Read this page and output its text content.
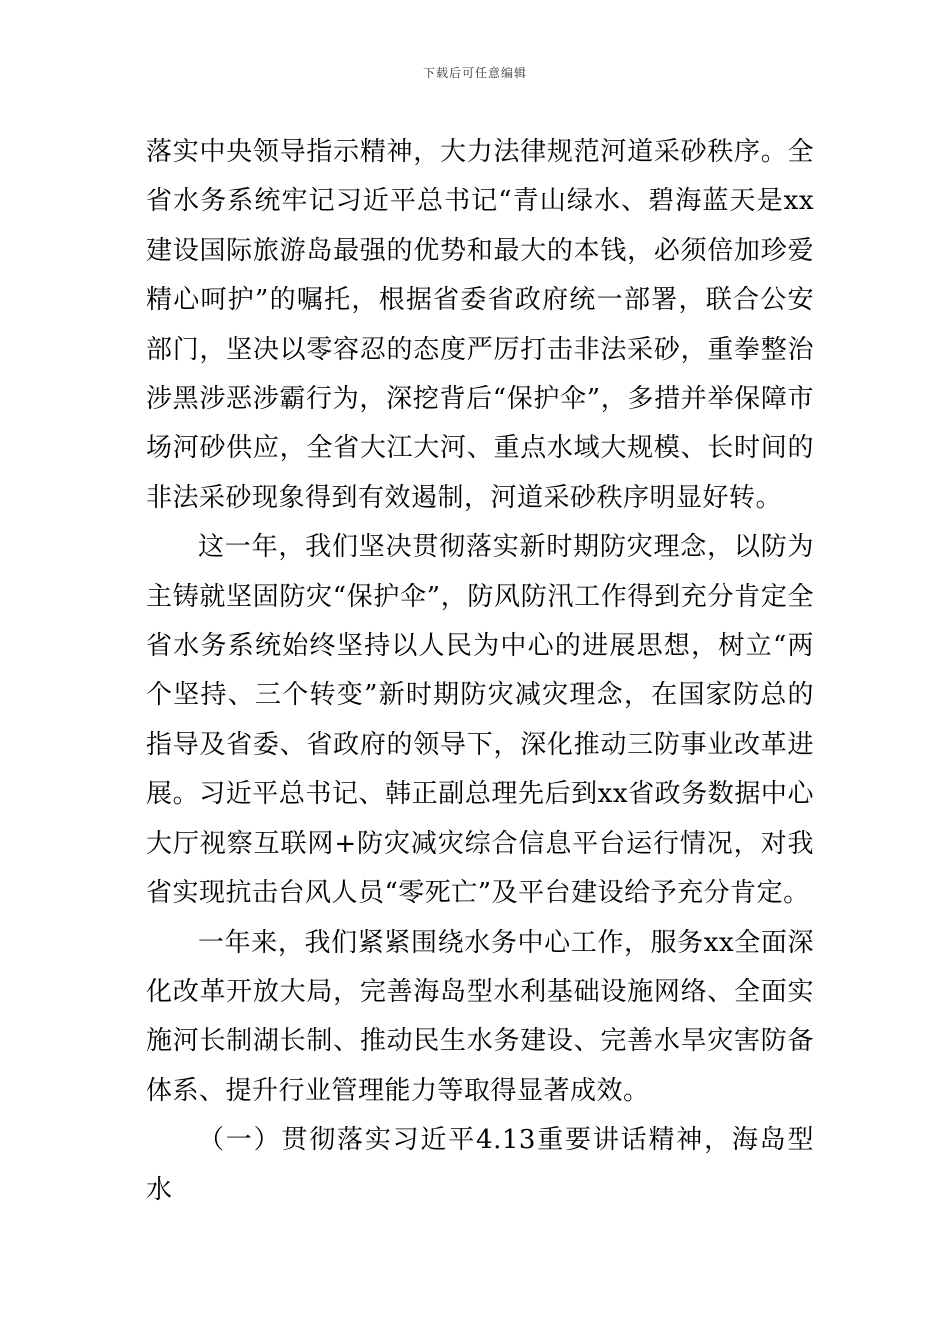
下载后可任意编辑

落实中央领导指示精神，大力法律规范河道采砂秩序。全省水务系统牢记习近平总书记“青山绿水、碧海蓝天是xx建设国际旅游岛最强的优势和最大的本钱，必须倍加珍爱精心呵护”的嘱托，根据省委省政府统一部署，联合公安部门，坚决以零容忍的态度严厉打击非法采砂，重拳整治涉黑涉恶涉霸行为，深挖背后“保护伞”，多措并举保障市场河砂供应，全省大江大河、重点水域大规模、长时间的非法采砂现象得到有效遏制，河道采砂秩序明显好转。

这一年，我们坚决贯彻落实新时期防灾理念，以防为主铸就坚固防灾“保护伞”，防风防汛工作得到充分肯定全省水务系统始终坚持以人民为中心的进展思想，树立“两个坚持、三个转变”新时期防灾减灾理念，在国家防总的指导及省委、省政府的领导下，深化推动三防事业改革进展。习近平总书记、韩正副总理先后到xx省政务数据中心大厅视察互联网+防灾减灾综合信息平台运行情况，对我省实现抗击台风人员“零死亡”及平台建设给予充分肯定。

一年来，我们紧紧围绕水务中心工作，服务xx全面深化改革开放大局，完善海岛型水利基础设施网络、全面实施河长制湖长制、推动民生水务建设、完善水旱灾害防备体系、提升行业管理能力等取得显著成效。

（一）贯彻落实习近平4.13重要讲话精神，海岛型水
